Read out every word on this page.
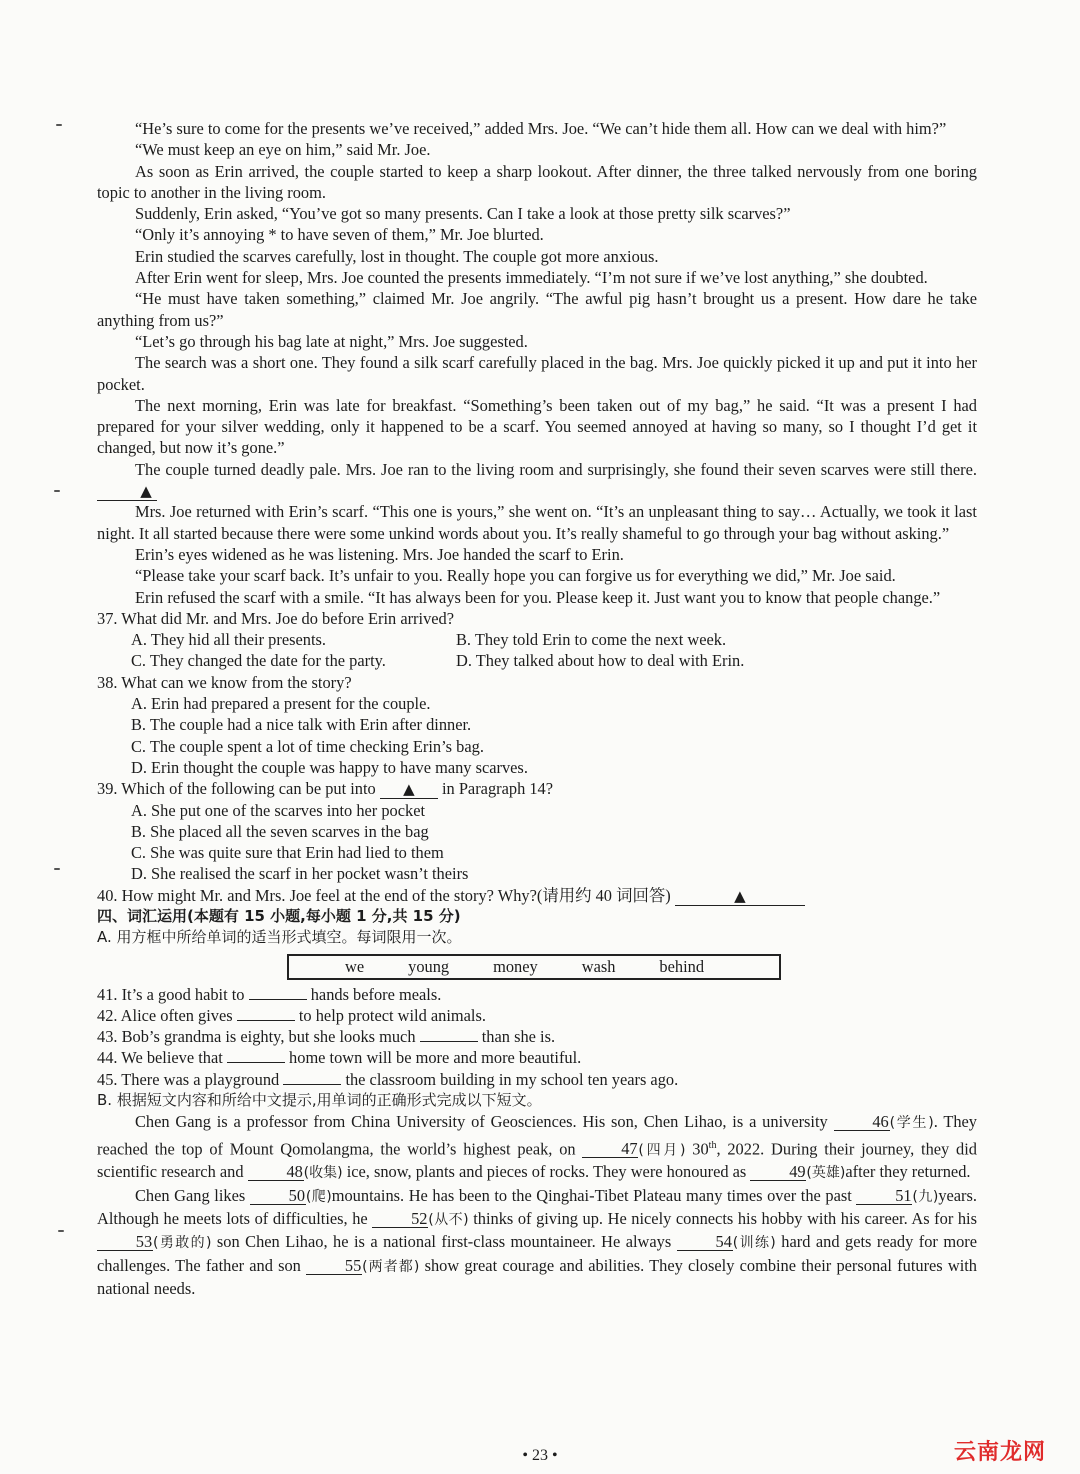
“He’s sure to come for the presents we’ve received,” added Mrs. Joe. “We can’t hide them all. How can we deal with him?”

“We must keep an eye on him,” said Mr. Joe.

As soon as Erin arrived, the couple started to keep a sharp lookout. After dinner, the three talked nervously from one boring topic to another in the living room.

Suddenly, Erin asked, “You’ve got so many presents. Can I take a look at those pretty silk scarves?”

“Only it’s annoying * to have seven of them,” Mr. Joe blurted.

Erin studied the scarves carefully, lost in thought. The couple got more anxious.

After Erin went for sleep, Mrs. Joe counted the presents immediately. “I’m not sure if we’ve lost anything,” she doubted.

“He must have taken something,” claimed Mr. Joe angrily. “The awful pig hasn’t brought us a present. How dare he take anything from us?”

“Let’s go through his bag late at night,” Mrs. Joe suggested.

The search was a short one. They found a silk scarf carefully placed in the bag. Mrs. Joe quickly picked it up and put it into her pocket.

The next morning, Erin was late for breakfast. “Something’s been taken out of my bag,” he said. “It was a present I had prepared for your silver wedding, only it happened to be a scarf. You seemed annoyed at having so many, so I thought I’d get it changed, but now it’s gone.”

The couple turned deadly pale. Mrs. Joe ran to the living room and surprisingly, she found their seven scarves were still there. ▲

Mrs. Joe returned with Erin’s scarf. “This one is yours,” she went on. “It’s an unpleasant thing to say… Actually, we took it last night. It all started because there were some unkind words about you. It’s really shameful to go through your bag without asking.”

Erin’s eyes widened as he was listening. Mrs. Joe handed the scarf to Erin.

“Please take your scarf back. It’s unfair to you. Really hope you can forgive us for everything we did,” Mr. Joe said.

Erin refused the scarf with a smile. “It has always been for you. Please keep it. Just want you to know that people change.”

37. What did Mr. and Mrs. Joe do before Erin arrived?

A. They hid all their presents.	B. They told Erin to come the next week.
C. They changed the date for the party.	D. They talked about how to deal with Erin.

38. What can we know from the story?

A. Erin had prepared a present for the couple.

B. The couple had a nice talk with Erin after dinner.

C. The couple spent a lot of time checking Erin’s bag.

D. Erin thought the couple was happy to have many scarves.

39. Which of the following can be put into ▲ in Paragraph 14?

A. She put one of the scarves into her pocket

B. She placed all the seven scarves in the bag

C. She was quite sure that Erin had lied to them

D. She realised the scarf in her pocket wasn’t theirs

40. How might Mr. and Mrs. Joe feel at the end of the story? Why?(请用约 40 词回答)	▲

四、词汇运用(本题有 15 小题,每小题 1 分,共 15 分)

A. 用方框中所给单词的适当形式填空。每词限用一次。

we	young	money	wash	behind

41. It’s a good habit to	hands before meals.

42. Alice often gives	to help protect wild animals.

43. Bob’s grandma is eighty, but she looks much	than she is.

44. We believe that	home town will be more and more beautiful.

45. There was a playground	the classroom building in my school ten years ago.

B. 根据短文内容和所给中文提示,用单词的正确形式完成以下短文。

Chen Gang is a professor from China University of Geosciences. His son, Chen Lihao, is a university	46(学生). They reached the top of Mount Qomolangma, the world’s highest peak, on	47(四月) 30th, 2022. During their journey, they did scientific research and	48(收集) ice, snow, plants and pieces of rocks. They were honoured as	49(英雄)after they returned.

Chen Gang likes	50(爬)mountains. He has been to the Qinghai-Tibet Plateau many times over the past	51(九)years. Although he meets lots of difficulties, he	52(从不) thinks of giving up. He nicely connects his hobby with his career. As for his 53(勇敢的) son Chen Lihao, he is a national first-class mountaineer. He always	54(训练) hard and gets ready for more challenges. The father and son	55(两者都) show great courage and abilities. They closely combine their personal futures with national needs.

• 23 •	云南龙网
